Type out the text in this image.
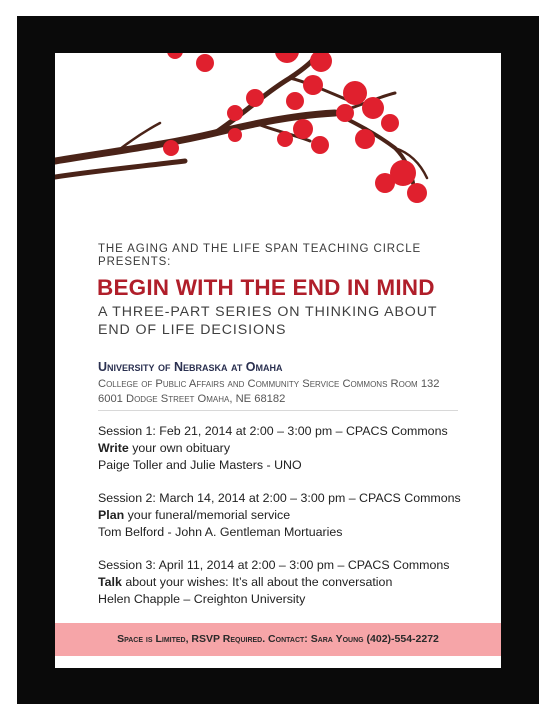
THE AGING AND THE LIFE SPAN TEACHING CIRCLE
PRESENTS:
BEGIN WITH THE END IN MIND
A THREE-PART SERIES ON THINKING ABOUT
END OF LIFE DECISIONS
University of Nebraska at Omaha
College of Public Affairs and Community Service Commons Room 132
6001 Dodge Street Omaha, NE 68182
Session 1: Feb 21, 2014 at 2:00 – 3:00 pm – CPACS Commons
Write your own obituary
Paige Toller and Julie Masters - UNO
Session 2: March 14, 2014 at 2:00 – 3:00 pm – CPACS Commons
Plan your funeral/memorial service
Tom Belford - John A. Gentleman Mortuaries
Session 3: April 11, 2014 at 2:00 – 3:00 pm – CPACS Commons
Talk about your wishes: It’s all about the conversation
Helen Chapple – Creighton University
Space is Limited, RSVP Required. Contact: Sara Young (402)-554-2272
